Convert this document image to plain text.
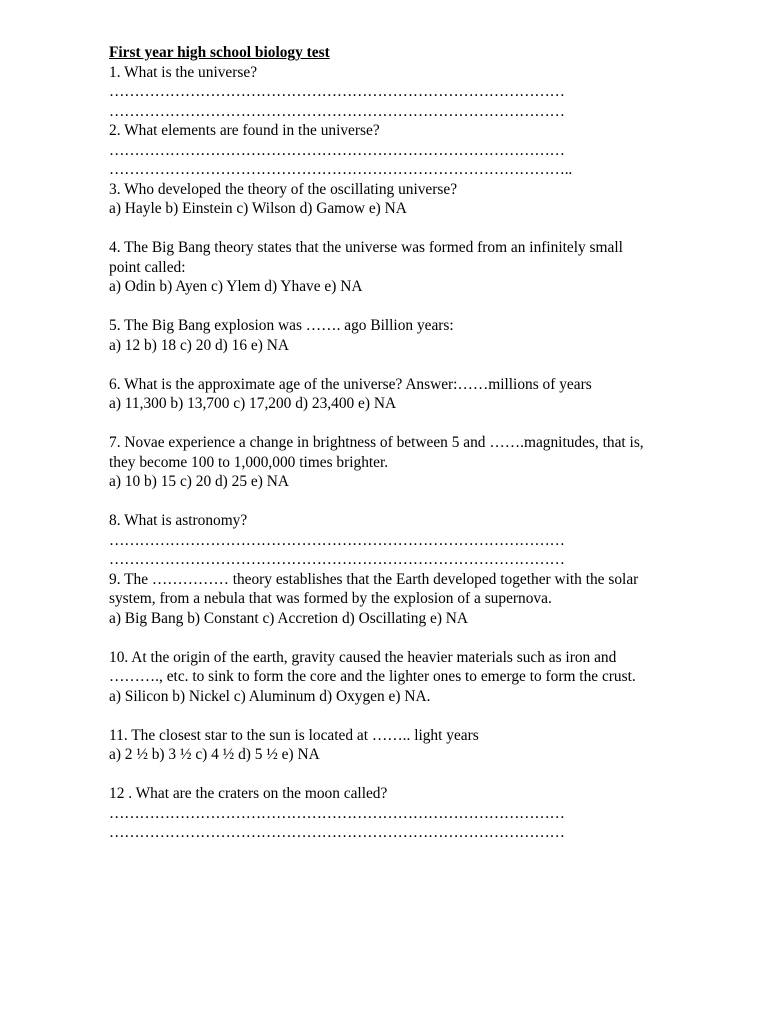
First year high school biology test
1. What is the universe?
………………………………………………………………………………
………………………………………………………………………………
2. What elements are found in the universe?
………………………………………………………………………………
………………………………………………………………………………..
3. Who developed the theory of the oscillating universe?
a) Hayle b) Einstein c) Wilson d) Gamow e) NA
4. The Big Bang theory states that the universe was formed from an infinitely small point called:
a) Odin b) Ayen c) Ylem d) Yhave e) NA
5. The Big Bang explosion was ……. ago Billion years:
a) 12 b) 18 c) 20 d) 16 e) NA
6. What is the approximate age of the universe? Answer:……millions of years
a) 11,300 b) 13,700 c) 17,200 d) 23,400 e) NA
7. Novae experience a change in brightness of between 5 and …….magnitudes, that is, they become 100 to 1,000,000 times brighter.
a) 10 b) 15 c) 20 d) 25 e) NA
8. What is astronomy?
………………………………………………………………………………
………………………………………………………………………………
9. The …………… theory establishes that the Earth developed together with the solar system, from a nebula that was formed by the explosion of a supernova.
a) Big Bang b) Constant c) Accretion d) Oscillating e) NA
10. At the origin of the earth, gravity caused the heavier materials such as iron and ………., etc. to sink to form the core and the lighter ones to emerge to form the crust.
a) Silicon b) Nickel c) Aluminum d) Oxygen e) NA.
11. The closest star to the sun is located at …….. light years
a) 2 ½ b) 3 ½ c) 4 ½ d) 5 ½ e) NA
12 . What are the craters on the moon called?
………………………………………………………………………………
………………………………………………………………………………
